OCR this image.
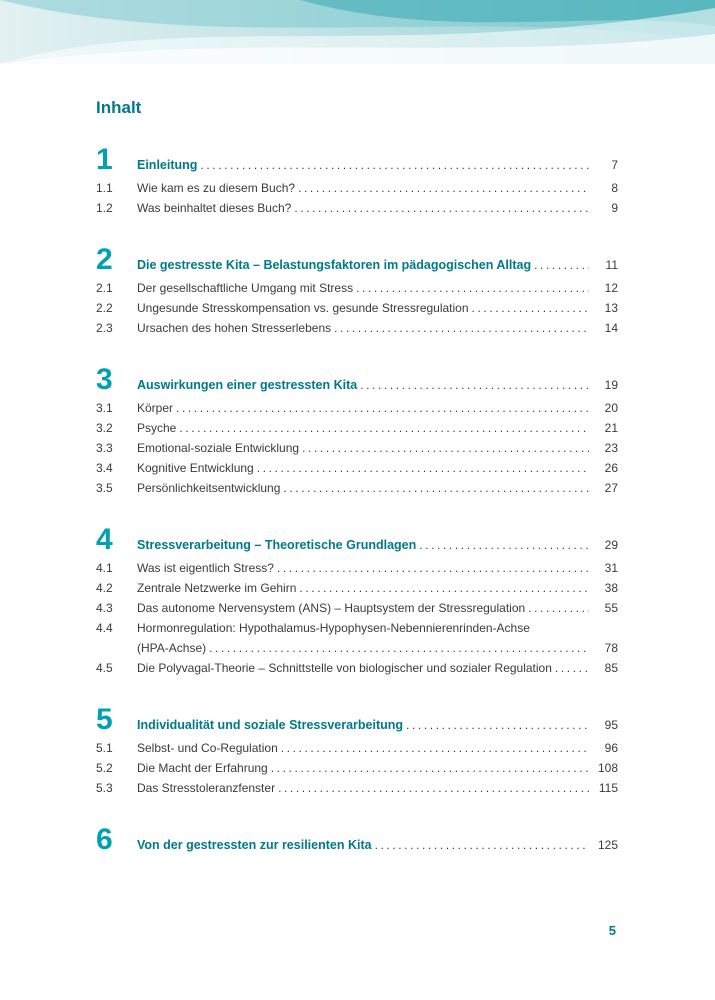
Inhalt
1	Einleitung .....	7
1.1	Wie kam es zu diesem Buch? .....	8
1.2	Was beinhaltet dieses Buch? .....	9
2	Die gestresste Kita – Belastungsfaktoren im pädagogischen Alltag .....	11
2.1	Der gesellschaftliche Umgang mit Stress .....	12
2.2	Ungesunde Stresskompensation vs. gesunde Stressregulation .....	13
2.3	Ursachen des hohen Stresserlebens .....	14
3	Auswirkungen einer gestressten Kita .....	19
3.1	Körper .....	20
3.2	Psyche .....	21
3.3	Emotional-soziale Entwicklung .....	23
3.4	Kognitive Entwicklung .....	26
3.5	Persönlichkeitsentwicklung .....	27
4	Stressverarbeitung – Theoretische Grundlagen .....	29
4.1	Was ist eigentlich Stress? .....	31
4.2	Zentrale Netzwerke im Gehirn .....	38
4.3	Das autonome Nervensystem (ANS) – Hauptsystem der Stressregulation .....	55
4.4	Hormonregulation: Hypothalamus-Hypophysen-Nebennierenrinden-Achse
(HPA-Achse) .....	78
4.5	Die Polyvagal-Theorie – Schnittstelle von biologischer und sozialer Regulation .....	85
5	Individualität und soziale Stressverarbeitung .....	95
5.1	Selbst- und Co-Regulation .....	96
5.2	Die Macht der Erfahrung .....	108
5.3	Das Stresstoleranzfenster .....	115
6	Von der gestressten zur resilienten Kita .....	125
5
